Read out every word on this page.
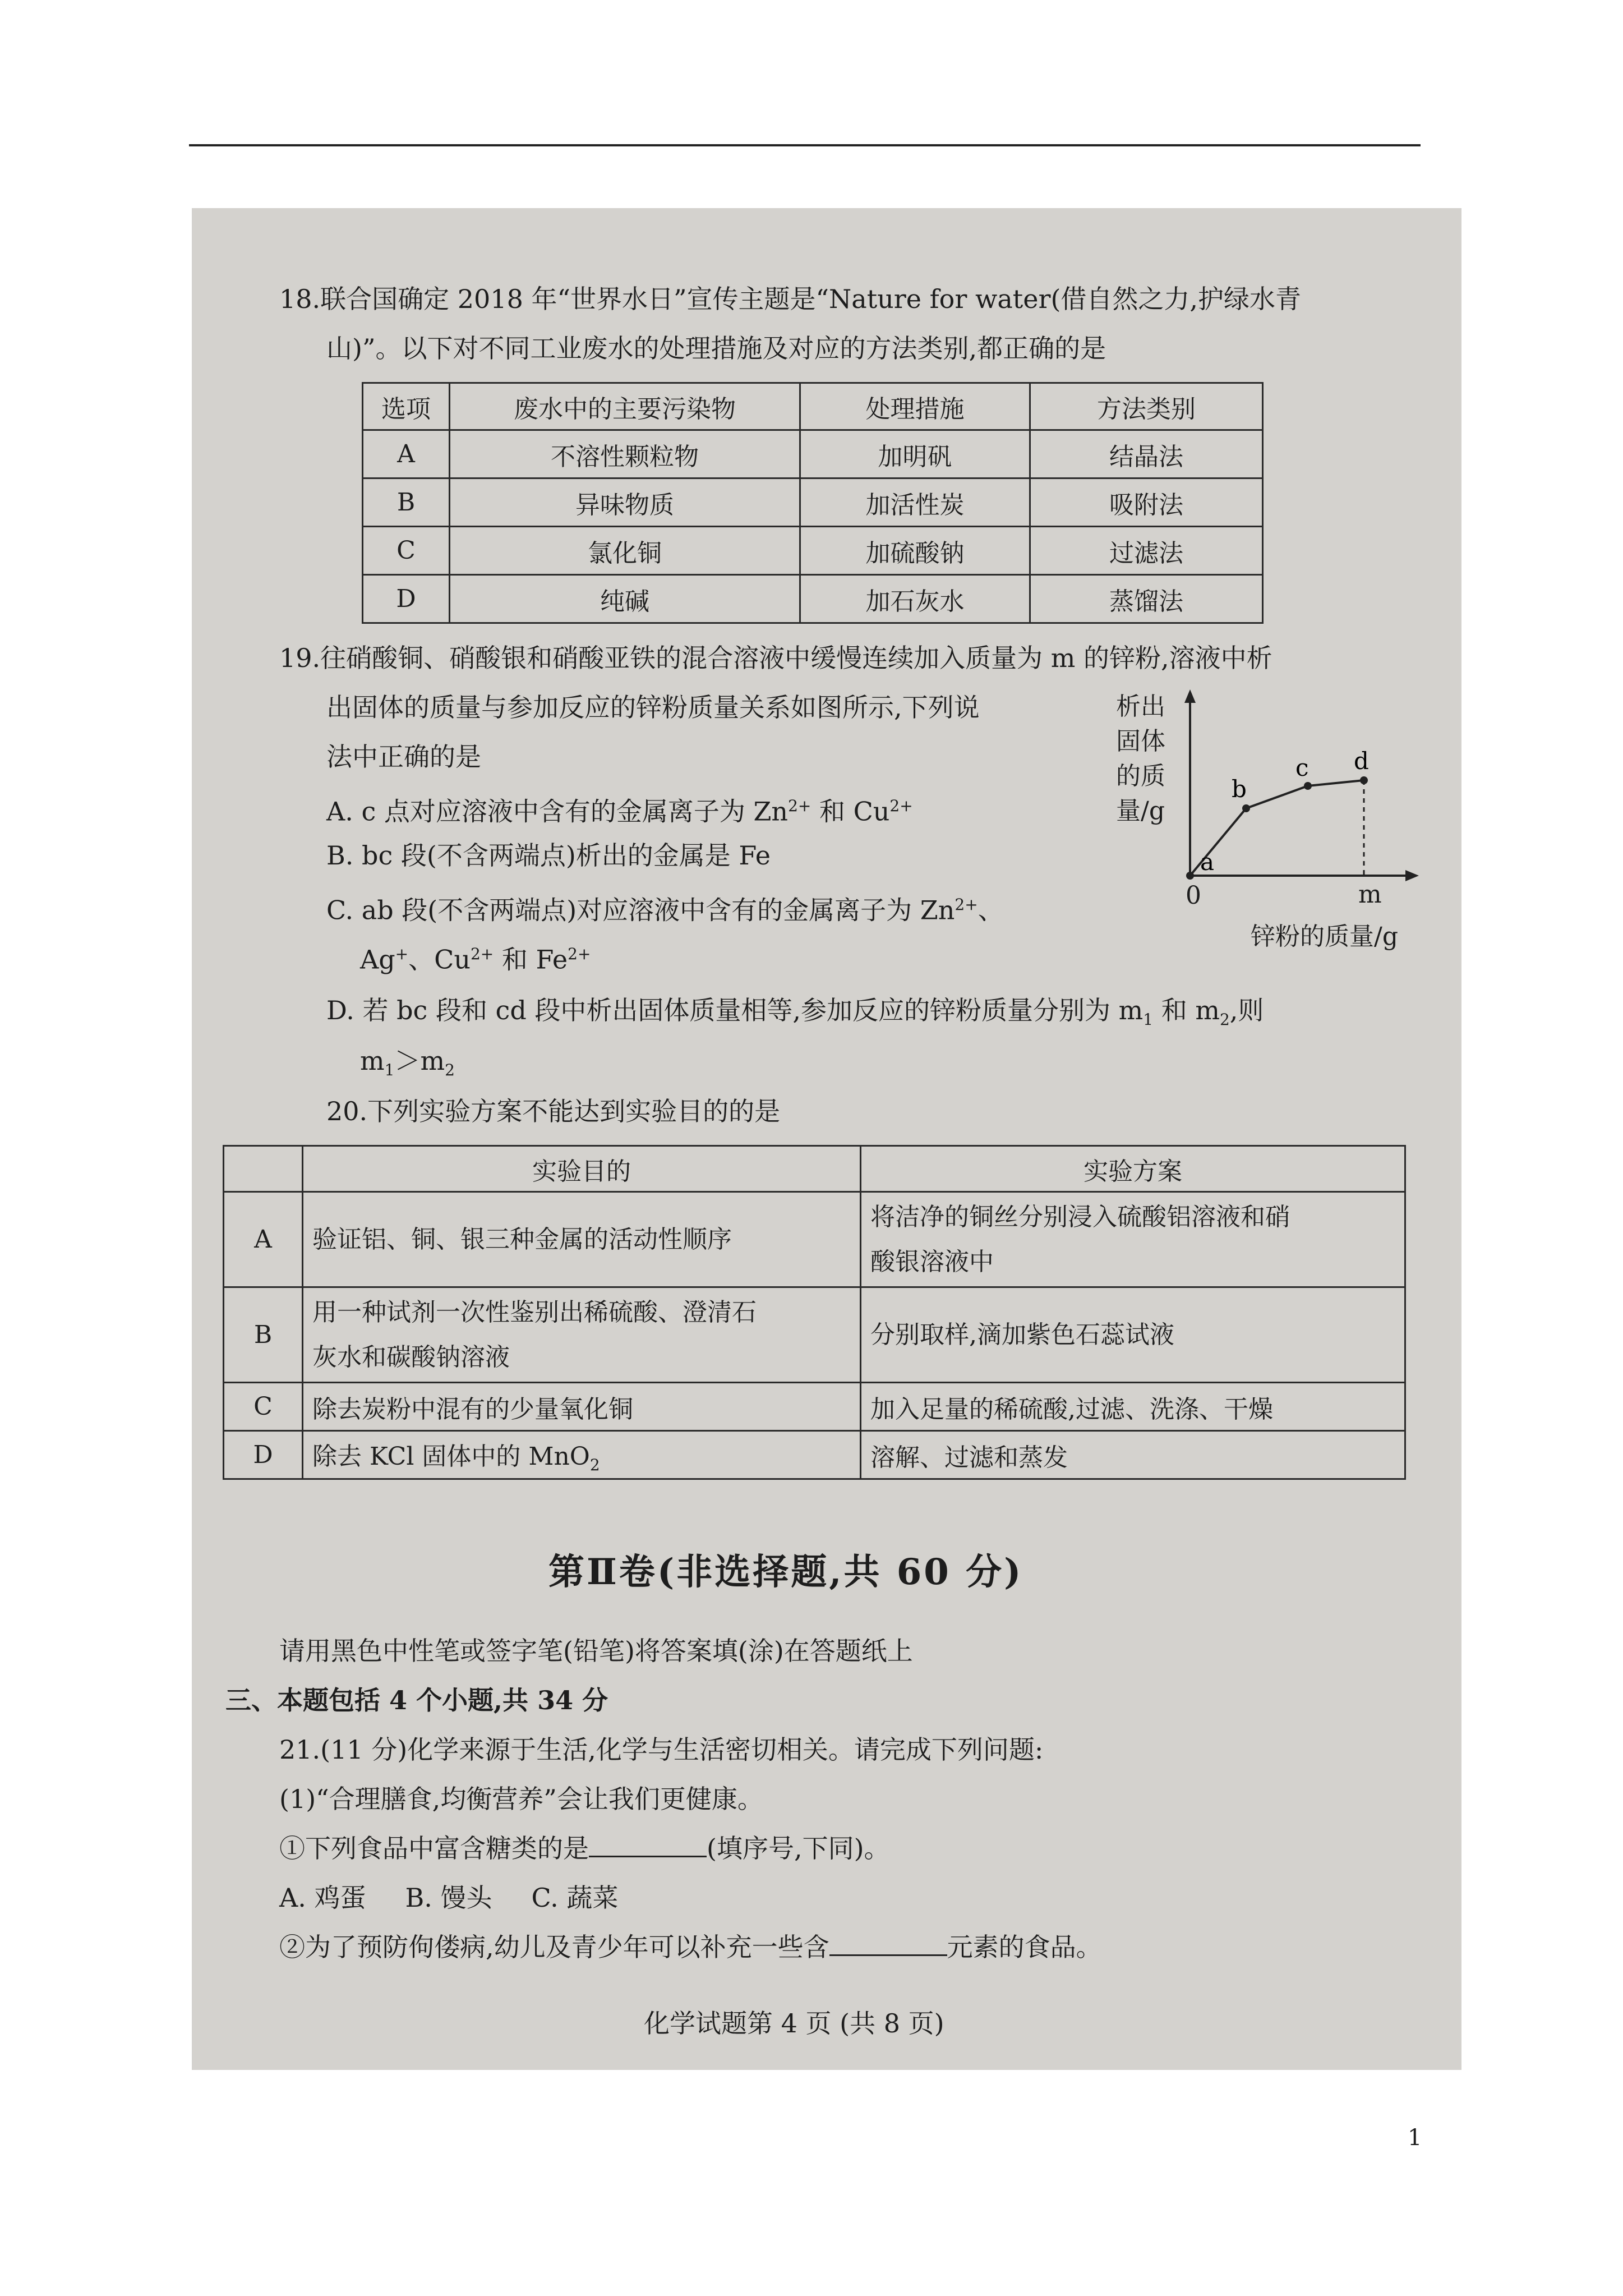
18.联合国确定 2018 年“世界水日”宣传主题是“Nature for water(借自然之力,护绿水青
山)”。以下对不同工业废水的处理措施及对应的方法类别,都正确的是
选项	废水中的主要污染物	处理措施	方法类别
A	不溶性颗粒物	加明矾	结晶法
B	异味物质	加活性炭	吸附法
C	氯化铜	加硫酸钠	过滤法
D	纯碱	加石灰水	蒸馏法
19.往硝酸铜、硝酸银和硝酸亚铁的混合溶液中缓慢连续加入质量为 m 的锌粉,溶液中析
出固体的质量与参加反应的锌粉质量关系如图所示,下列说
法中正确的是
A. c 点对应溶液中含有的金属离子为 $Zn^{2+}$ 和 $Cu^{2+}$
B. bc 段(不含两端点)析出的金属是 Fe
C. ab 段(不含两端点)对应溶液中含有的金属离子为 $Zn^{2+}$、
Ag+、$Cu^{2+}$ 和 $Fe^{2+}$
D. 若 bc 段和 cd 段中析出固体质量相等,参加反应的锌粉质量分别为 $m_1$ 和 $m_2$,则
$m_1>m_2$
析出
固体
的质
量/g
a
b
c d
0	m
锌粉的质量/g
20.下列实验方案不能达到实验目的的是
	实验目的	实验方案
A	验证铝、铜、银三种金属的活动性顺序	将洁净的铜丝分别浸入硫酸铝溶液和硝
酸银溶液中

B	用一种试剂一次性鉴别出稀硫酸、澄清石
灰水和碳酸钠溶液	分别取样,滴加紫色石蕊试液

C	除去炭粉中混有的少量氧化铜	加入足量的稀硫酸,过滤、洗涤、干燥

D	除去 KCl 固体中的 MnO$_2$	溶解、过滤和蒸发
第Ⅱ卷(非选择题,共 60 分)
请用黑色中性笔或签字笔(铅笔)将答案填(涂)在答题纸上
三、本题包括 4 个小题,共 34 分
21.(11 分)化学来源于生活,化学与生活密切相关。请完成下列问题:
(1)“合理膳食,均衡营养”会让我们更健康。
①下列食品中富含糖类的是	(填序号,下同)。
A. 鸡蛋 B. 馒头 C. 蔬菜
②为了预防佝偻病,幼儿及青少年可以补充一些含	元素的食品。
化学试题第 4 页 (共 8 页)
1
